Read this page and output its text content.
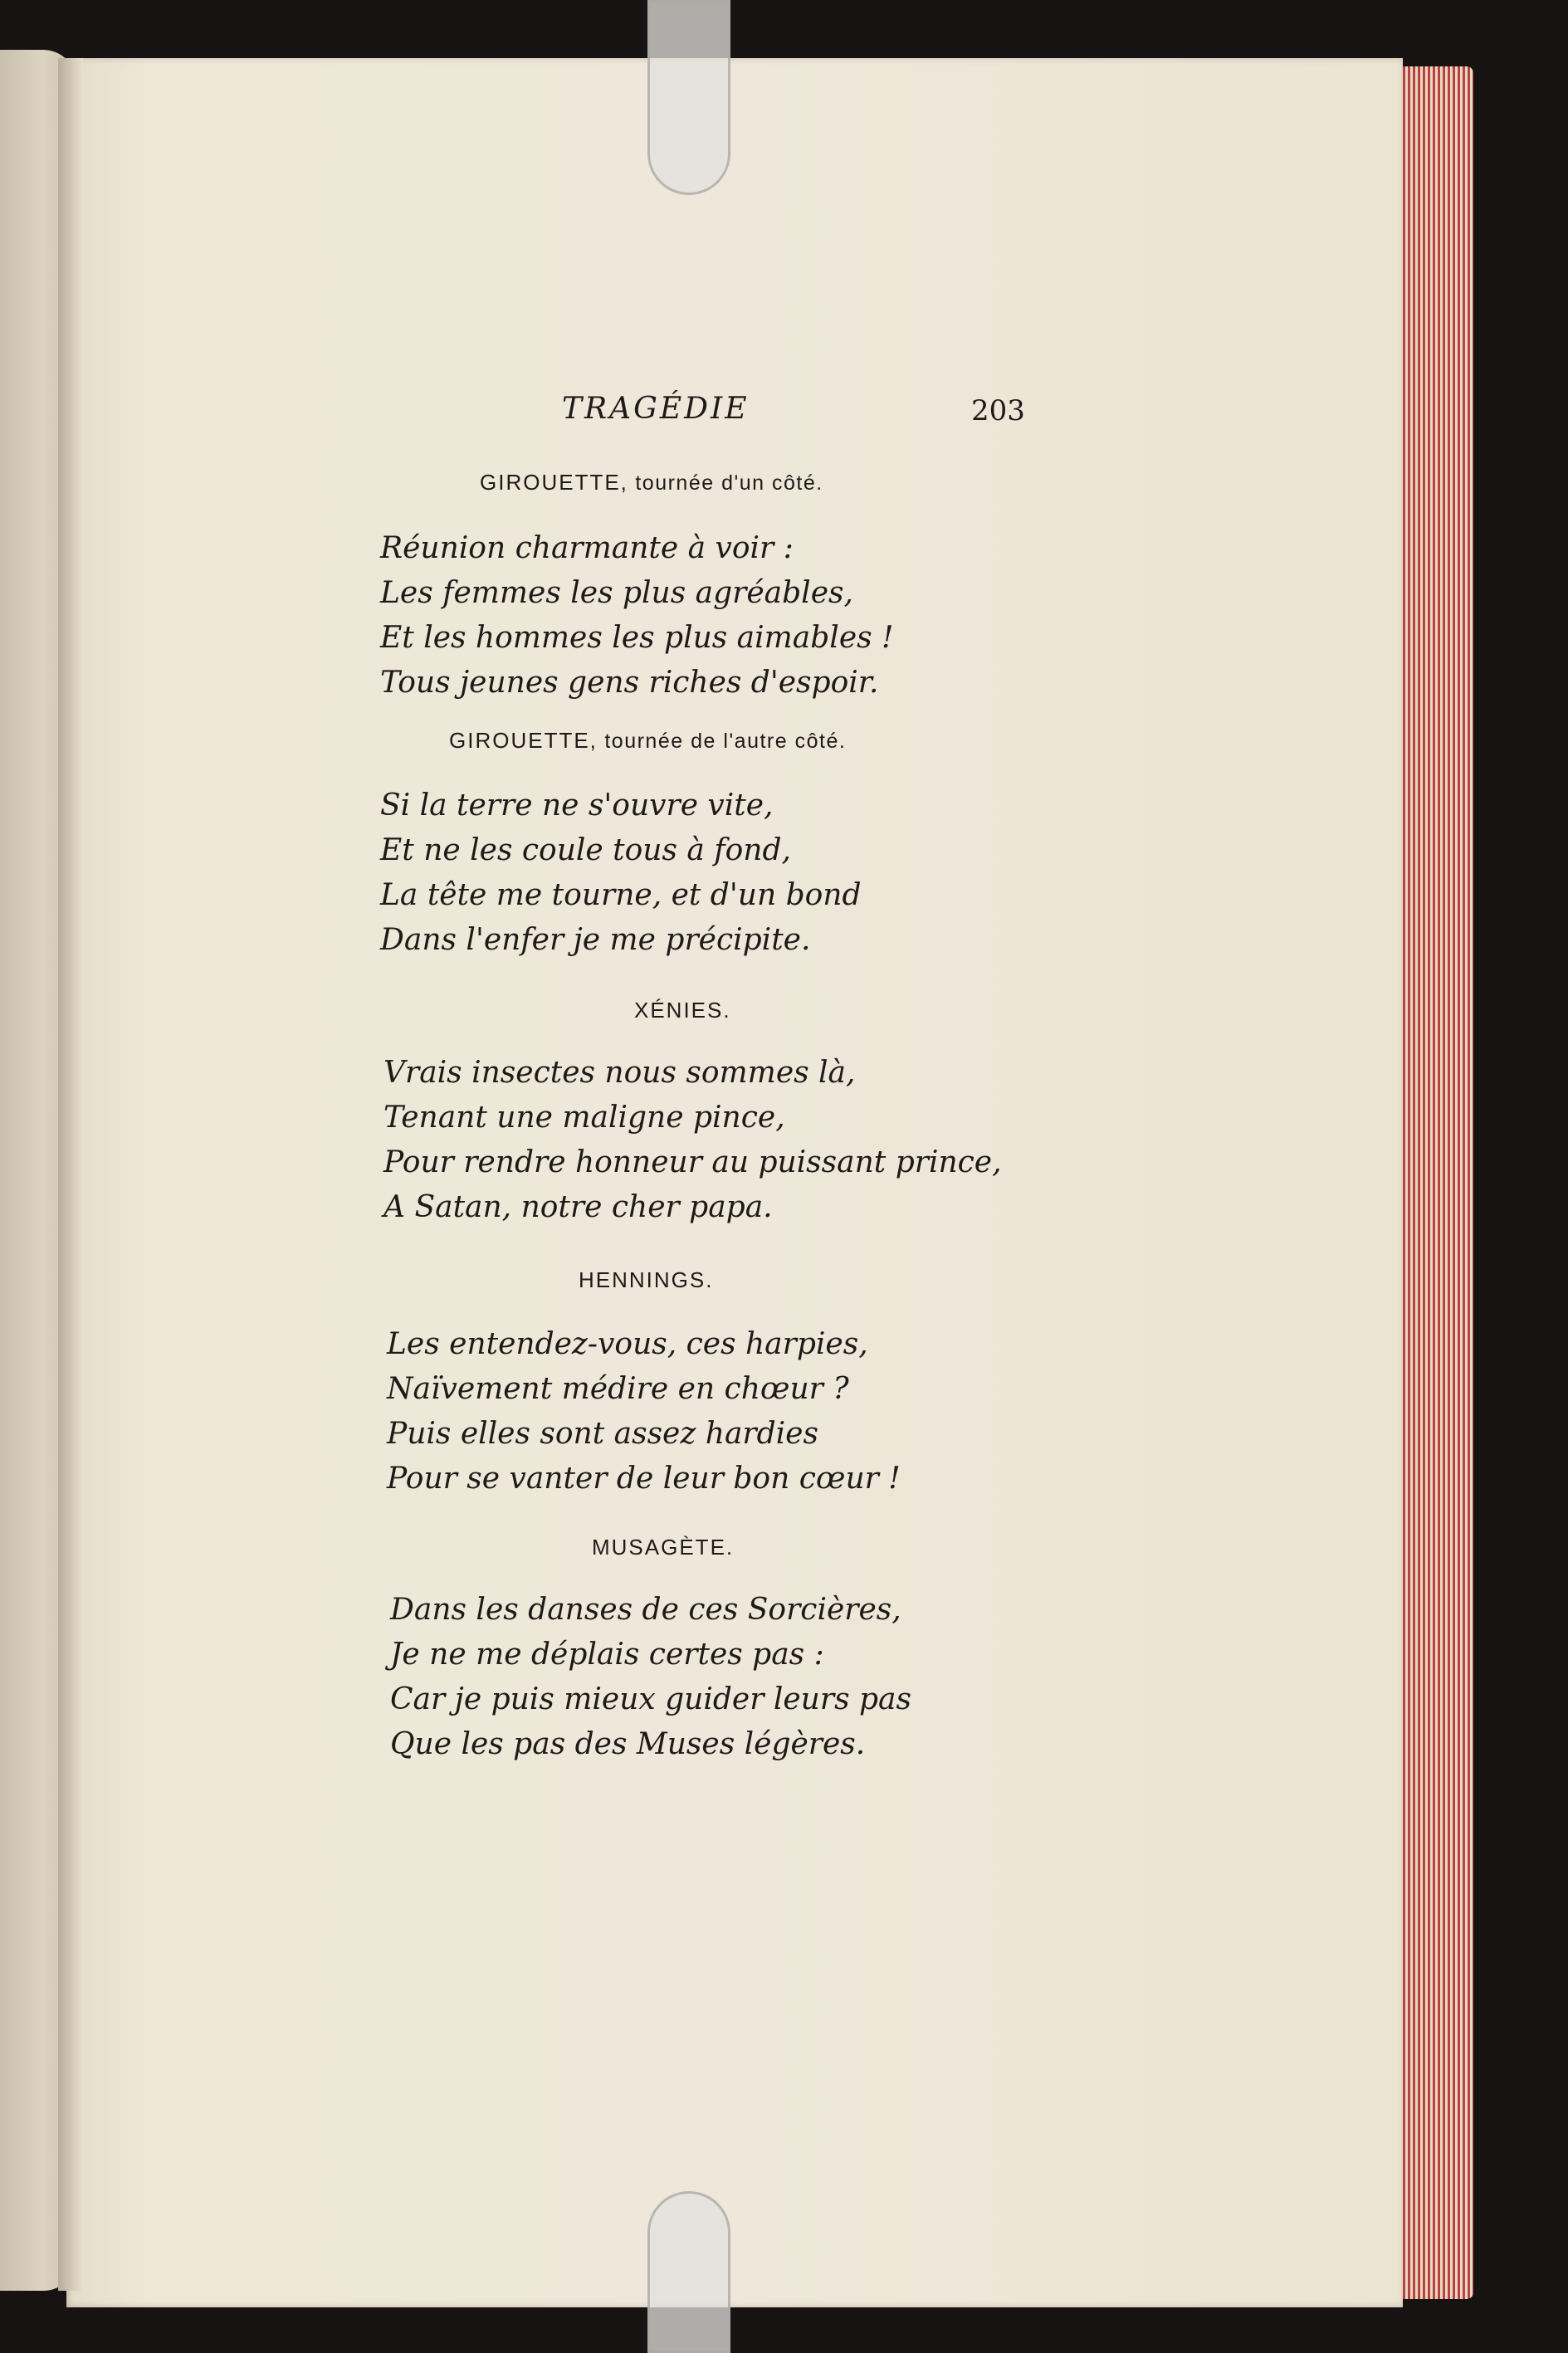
TRAGÉDIE	203
GIROUETTE, tournée d'un côté.
Réunion charmante à voir :
Les femmes les plus agréables,
Et les hommes les plus aimables !
Tous jeunes gens riches d'espoir.
GIROUETTE, tournée de l'autre côté.
Si la terre ne s'ouvre vite,
Et ne les coule tous à fond,
La tête me tourne, et d'un bond
Dans l'enfer je me précipite.
XÉNIES.
Vrais insectes nous sommes là,
Tenant une maligne pince,
Pour rendre honneur au puissant prince,
A Satan, notre cher papa.
HENNINGS.
Les entendez-vous, ces harpies,
Naïvement médire en chœur ?
Puis elles sont assez hardies
Pour se vanter de leur bon cœur !
MUSAGÈTE.
Dans les danses de ces Sorcières,
Je ne me déplais certes pas :
Car je puis mieux guider leurs pas
Que les pas des Muses légères.
